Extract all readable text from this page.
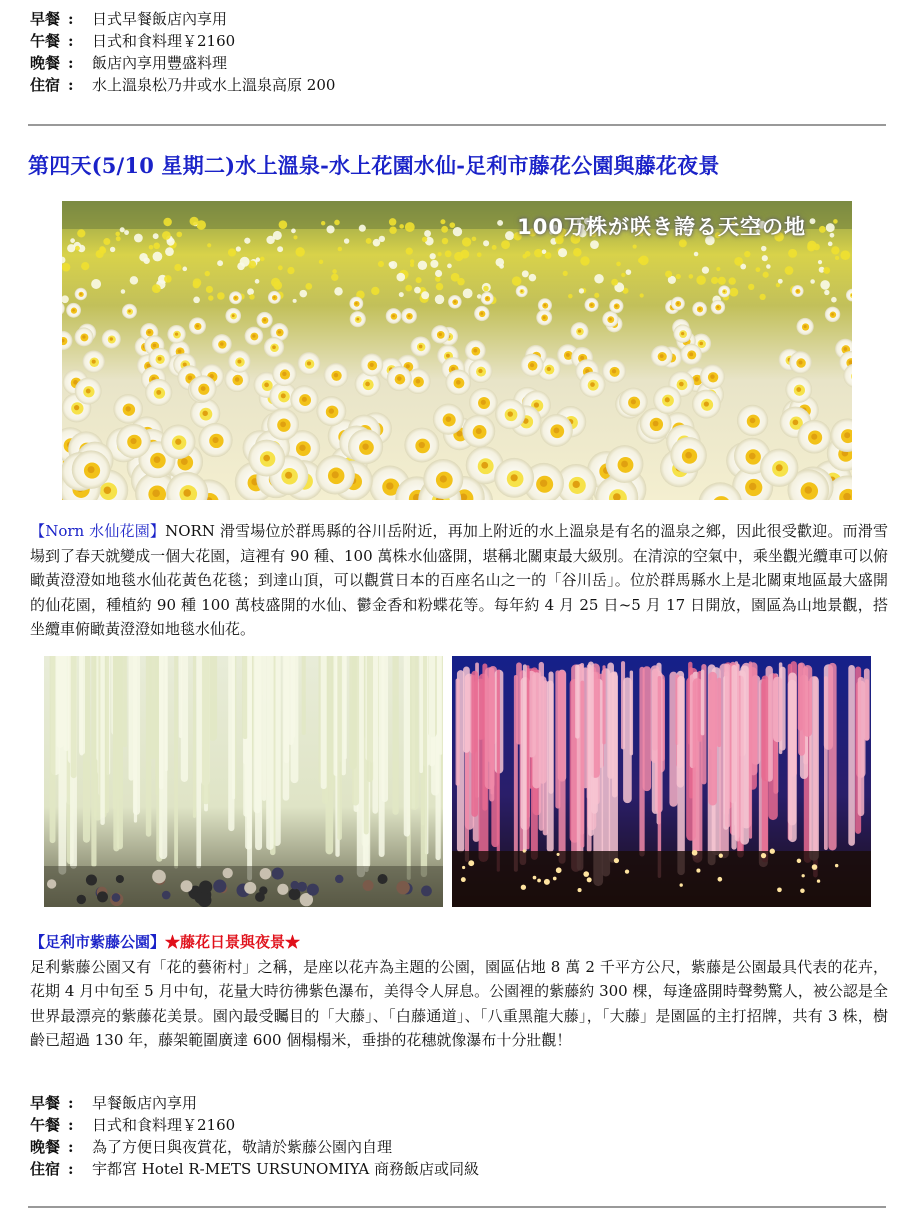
早餐 : 日式早餐飯店內享用
午餐 : 日式和食料理￥2160
晚餐 : 飯店內享用豐盛料理
住宿 : 水上溫泉松乃井或水上溫泉高原 200
第四天(5/10 星期二)水上溫泉-水上花園水仙-足利市藤花公園與藤花夜景
100万株が咲き誇る天空の地
【Norn 水仙花園】NORN 滑雪場位於群馬縣的谷川岳附近，再加上附近的水上溫泉是有名的溫泉之鄉，因此很受歡迎。而滑雪場到了春天就變成一個大花園，這裡有 90 種、100 萬株水仙盛開，堪稱北關東最大級別。在清涼的空氣中，乘坐觀光纜車可以俯瞰黃澄澄如地毯水仙花黃色花毯；到達山頂，可以觀賞日本的百座名山之一的「谷川岳」。位於群馬縣水上是北關東地區最大盛開的仙花園，種植約 90 種 100 萬枝盛開的水仙、鬱金香和粉蝶花等。每年約 4 月 25 日~5 月 17 日開放，園區為山地景觀，搭坐纜車俯瞰黃澄澄如地毯水仙花。
【足利市紫藤公園】★藤花日景與夜景★
足利紫藤公園又有「花的藝術村」之稱，是座以花卉為主題的公園，園區佔地 8 萬 2 千平方公尺，紫藤是公園最具代表的花卉，花期 4 月中旬至 5 月中旬，花量大時彷彿紫色瀑布，美得令人屏息。公園裡的紫藤約 300 棵，每逢盛開時聲勢驚人，被公認是全世界最漂亮的紫藤花美景。園內最受矚目的「大藤」、「白藤通道」、「八重黑龍大藤」，「大藤」是園區的主打招牌，共有 3 株，樹齡已超過 130 年，藤架範圍廣達 600 個榻榻米，垂掛的花穗就像瀑布十分壯觀！
早餐 : 早餐飯店內享用
午餐 : 日式和食料理￥2160
晚餐 : 為了方便日與夜賞花，敬請於紫藤公園內自理
住宿 : 宇都宮 Hotel R-METS URSUNOMIYA 商務飯店或同級
